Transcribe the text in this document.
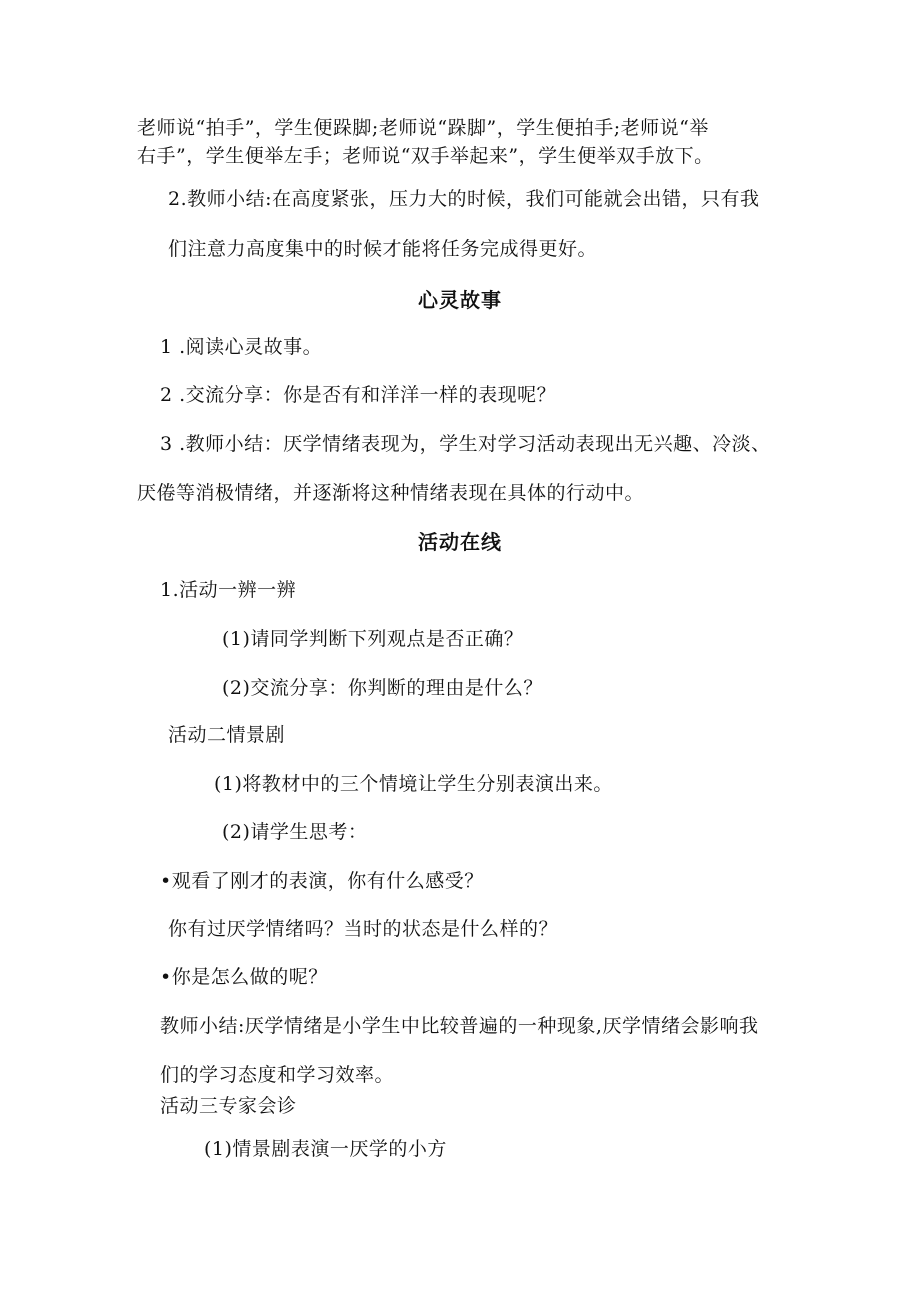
老师说“拍手”，学生便跺脚;老师说“跺脚”，学生便拍手;老师说“举

右手”，学生便举左手；老师说“双手举起来”，学生便举双手放下。

2.教师小结:在高度紧张，压力大的时候，我们可能就会出错，只有我

们注意力高度集中的时候才能将任务完成得更好。

心灵故事

1 .阅读心灵故事。

2 .交流分享：你是否有和洋洋一样的表现呢？

3 .教师小结：厌学情绪表现为，学生对学习活动表现出无兴趣、冷淡、

厌倦等消极情绪，并逐渐将这种情绪表现在具体的行动中。

活动在线

1.活动一辨一辨

(1)请同学判断下列观点是否正确？

(2)交流分享：你判断的理由是什么？

活动二情景剧

(1)将教材中的三个情境让学生分别表演出来。

(2)请学生思考：

•观看了刚才的表演，你有什么感受？

你有过厌学情绪吗？当时的状态是什么样的？

•你是怎么做的呢？

教师小结:厌学情绪是小学生中比较普遍的一种现象,厌学情绪会影响我

们的学习态度和学习效率。

活动三专家会诊

(1)情景剧表演一厌学的小方
